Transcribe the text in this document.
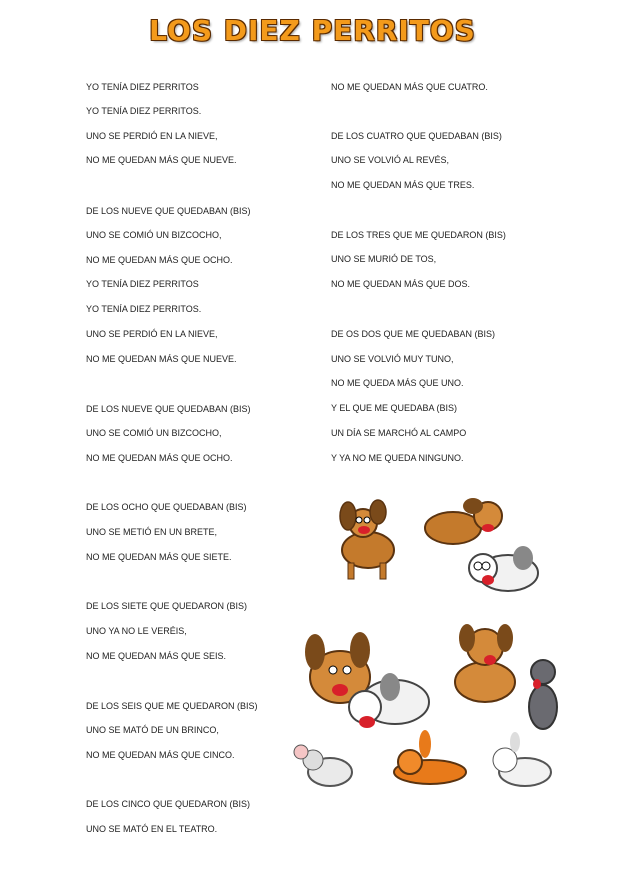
LOS DIEZ PERRITOS
YO TENÍA DIEZ PERRITOS
YO TENÍA DIEZ PERRITOS.
UNO SE PERDIÓ EN LA NIEVE,
NO ME QUEDAN MÁS QUE NUEVE.
DE LOS NUEVE QUE QUEDABAN (BIS)
UNO SE COMIÓ UN BIZCOCHO,
NO ME QUEDAN MÁS QUE OCHO.
YO TENÍA DIEZ PERRITOS
YO TENÍA DIEZ PERRITOS.
UNO SE PERDIÓ EN LA NIEVE,
NO ME QUEDAN MÁS QUE NUEVE.
DE LOS NUEVE QUE QUEDABAN (BIS)
UNO SE COMIÓ UN BIZCOCHO,
NO ME QUEDAN MÁS QUE OCHO.
DE LOS OCHO QUE QUEDABAN (BIS)
UNO SE METIÓ EN UN BRETE,
NO ME QUEDAN MÁS QUE SIETE.
DE LOS SIETE QUE QUEDARON (BIS)
UNO YA NO LE VERÉIS,
NO ME QUEDAN MÁS QUE SEIS.
DE LOS SEIS QUE ME QUEDARON (BIS)
UNO SE MATÓ DE UN BRINCO,
NO ME QUEDAN MÁS QUE CINCO.
DE LOS CINCO QUE QUEDARON (BIS)
UNO SE MATÓ EN EL TEATRO.
NO ME QUEDAN MÁS QUE CUATRO.
DE LOS CUATRO QUE QUEDABAN (BIS)
UNO SE VOLVIÓ AL REVÉS,
NO ME QUEDAN MÁS QUE TRES.
DE LOS TRES QUE ME QUEDARON (BIS)
UNO SE MURIÓ DE TOS,
NO ME QUEDAN MÁS QUE DOS.
DE OS DOS QUE ME QUEDABAN (BIS)
UNO SE VOLVIÓ MUY TUNO,
NO ME QUEDA MÁS QUE UNO.
Y EL QUE ME QUEDABA (BIS)
UN DÍA SE MARCHÓ AL CAMPO
Y YA NO ME QUEDA NINGUNO.
